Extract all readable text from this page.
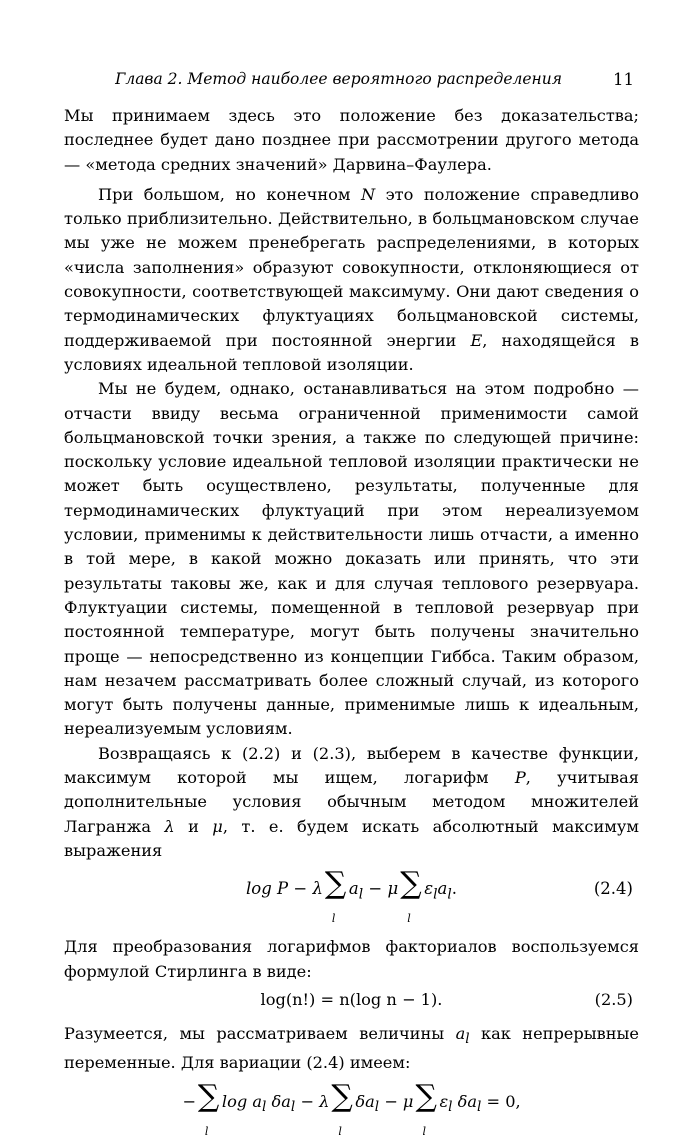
Глава 2. Метод наиболее вероятного распределения	11

Мы принимаем здесь это положение без доказательства; последнее будет дано позднее при рассмотрении другого метода — «метода средних значений» Дарвина–Фаулера.

При большом, но конечном N это положение справедливо только приблизительно. Действительно, в больцмановском случае мы уже не можем пренебрегать распределениями, в которых «числа заполнения» образуют совокупности, отклоняющиеся от совокупности, соответствующей максимуму. Они дают сведения о термодинамических флуктуациях больцмановской системы, поддерживаемой при постоянной энергии E, находящейся в условиях идеальной тепловой изоляции.

Мы не будем, однако, останавливаться на этом подробно — отчасти ввиду весьма ограниченной применимости самой больцмановской точки зрения, а также по следующей причине: поскольку условие идеальной тепловой изоляции практически не может быть осуществлено, результаты, полученные для термодинамических флуктуаций при этом нереализуемом условии, применимы к действительности лишь отчасти, а именно в той мере, в какой можно доказать или принять, что эти результаты таковы же, как и для случая теплового резервуара. Флуктуации системы, помещенной в тепловой резервуар при постоянной температуре, могут быть получены значительно проще — непосредственно из концепции Гиббса. Таким образом, нам незачем рассматривать более сложный случай, из которого могут быть получены данные, применимые лишь к идеальным, нереализуемым условиям.

Возвращаясь к (2.2) и (2.3), выберем в качестве функции, максимум которой мы ищем, логарифм P, учитывая дополнительные условия обычным методом множителей Лагранжа λ и μ, т. е. будем искать абсолютный максимум выражения

log P − λ ∑
l
$a_l - \mu$ ∑
l
$\varepsilon_la_l$.	(2.4)

Для преобразования логарифмов факториалов воспользуемся формулой Стирлинга в виде:

log(n!) = n(log n − 1).	(2.5)

Разумеется, мы рассматриваем величины $a_l$ как непрерывные переменные. Для вариации (2.4) имеем:

− ∑
l
$\log a_l$ $\delta a_l - \lambda$ ∑
l
$\delta a_l - \mu$ ∑
l
$\varepsilon_l$ $\delta a_l = 0$,
